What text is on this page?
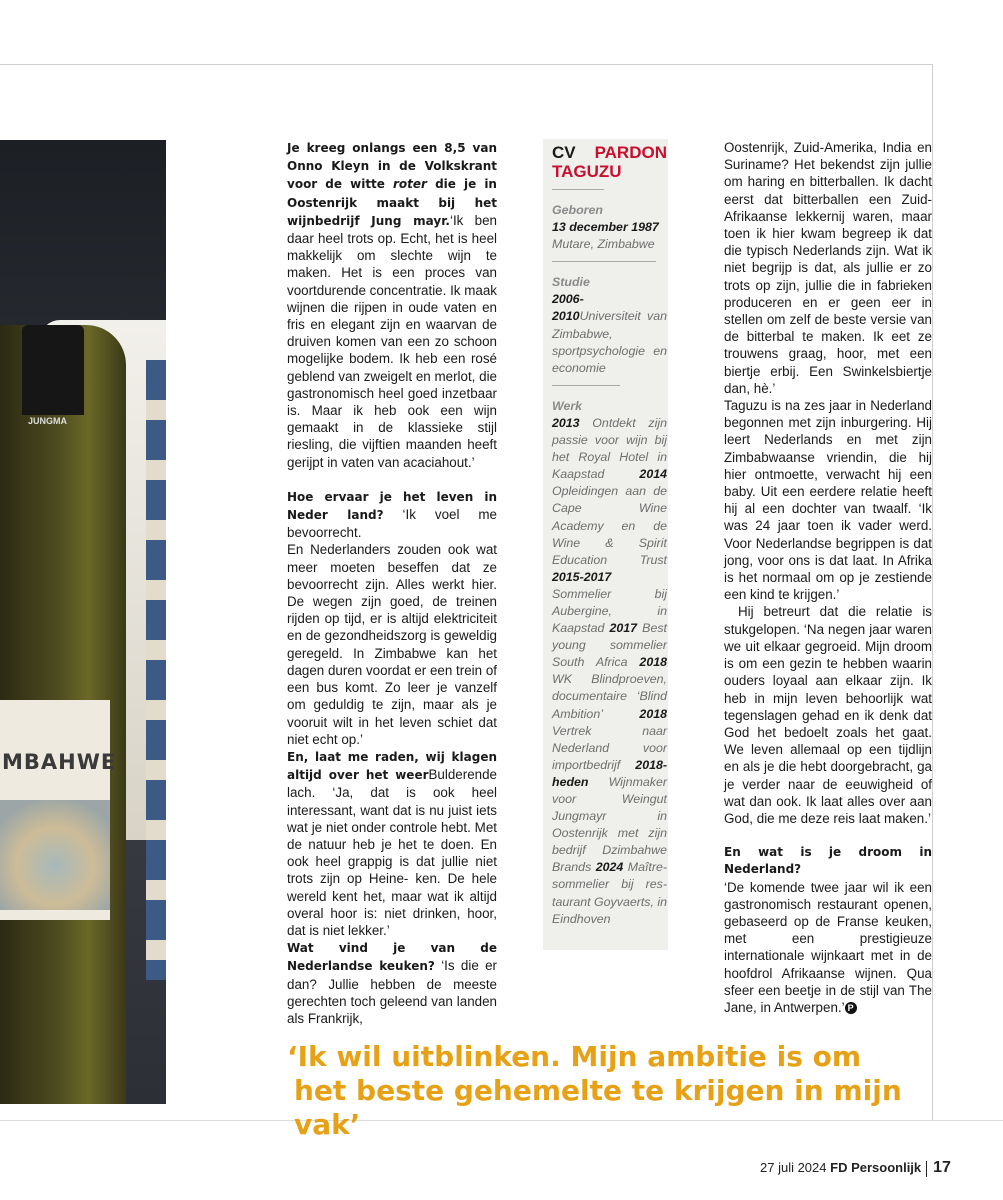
JUNGMA
MBAHWE

Je kreeg onlangs een 8,5 van Onno Kleyn in de Volkskrant voor de witte roter die je in Oostenrijk maakt bij het wijnbedrijf Jung mayr.‘Ik ben daar heel trots op. Echt, het is heel makkelijk om slechte wijn te maken. Het is een proces van voortdurende concentratie. Ik maak wijnen die rijpen in oude vaten en fris en elegant zijn en waarvan de druiven komen van een zo schoon mogelijke bodem. Ik heb een rosé geblend van zweigelt en merlot, die gastronomisch heel goed inzetbaar is. Maar ik heb ook een wijn gemaakt in de klassieke stijl riesling, die vijftien maanden heeft gerijpt in vaten van acaciahout.’

Hoe ervaar je het leven in Neder land? ‘Ik voel me bevoorrecht.

En Nederlanders zouden ook wat meer moeten beseffen dat ze bevoorrecht zijn. Alles werkt hier. De wegen zijn goed, de treinen rijden op tijd, er is altijd elektriciteit en de gezondheidszorg is geweldig geregeld. In Zimbabwe kan het dagen duren voordat er een trein of een bus komt. Zo leer je vanzelf om geduldig te zijn, maar als je vooruit wilt in het leven schiet dat niet echt op.’

En, laat me raden, wij klagen altijd over het weerBulderende lach. ‘Ja, dat is ook heel interessant, want dat is nu juist iets wat je niet onder controle hebt. Met de natuur heb je het te doen. En ook heel grappig is dat jullie niet trots zijn op Heine- ken. De hele wereld kent het, maar wat ik altijd overal hoor is: niet drinken, hoor, dat is niet lekker.’

Wat vind je van de Nederlandse keuken? ‘Is die er dan? Jullie hebben de meeste gerechten toch geleend van landen als Frankrijk,

CV PARDON TAGUZU
Geboren
13 december 1987
Mutare, Zimbabwe
Studie
2006-2010Universiteit van Zimbabwe, sportpsychologie en economie
Werk
2013 Ontdekt zijn passie voor wijn bij het Royal Hotel in Kaapstad 2014 Opleidingen aan de Cape Wine Academy en de Wine & Spirit Education Trust 2015-2017 Sommelier bij Aubergine, in Kaapstad 2017 Best young sommelier South Africa 2018 WK Blindproeven, documentaire ‘Blind Ambition’ 2018 Vertrek naar Nederland voor importbedrijf 2018-heden Wijnmaker voor Weingut Jungmayr in Oostenrijk met zijn bedrijf Dzimbahwe Brands 2024 Maître- sommelier bij res- taurant Goyvaerts, in Eindhoven

Oostenrijk, Zuid-Amerika, India en Suriname? Het bekendst zijn jullie om haring en bitterballen. Ik dacht eerst dat bitterballen een Zuid-Afrikaanse lekkernij waren, maar toen ik hier kwam begreep ik dat die typisch Nederlands zijn. Wat ik niet begrijp is dat, als jullie er zo trots op zijn, jullie die in fabrieken produceren en er geen eer in stellen om zelf de beste versie van de bitterbal te maken. Ik eet ze trouwens graag, hoor, met een biertje erbij. Een Swinkelsbiertje dan, hè.’

Taguzu is na zes jaar in Nederland begonnen met zijn inburgering. Hij leert Nederlands en met zijn Zimbabwaanse vriendin, die hij hier ontmoette, verwacht hij een baby. Uit een eerdere relatie heeft hij al een dochter van twaalf. ‘Ik was 24 jaar toen ik vader werd. Voor Nederlandse begrippen is dat jong, voor ons is dat laat. In Afrika is het normaal om op je zestiende een kind te krijgen.’

Hij betreurt dat die relatie is stukgelopen. ‘Na negen jaar waren we uit elkaar gegroeid. Mijn droom is om een gezin te hebben waarin ouders loyaal aan elkaar zijn. Ik heb in mijn leven behoorlijk wat tegenslagen gehad en ik denk dat God het bedoelt zoals het gaat. We leven allemaal op een tijdlijn en als je die hebt doorgebracht, ga je verder naar de eeuwigheid of wat dan ook. Ik laat alles over aan God, die me deze reis laat maken.’

En wat is je droom in Nederland?

‘De komende twee jaar wil ik een gastronomisch restaurant openen, gebaseerd op de Franse keuken, met een prestigieuze internationale wijnkaart met in de hoofdrol Afrikaanse wijnen. Qua sfeer een beetje in de stijl van The Jane, in Antwerpen.’ P

‘Ik wil uitblinken. Mijn ambitie is om
het beste gehemelte te krijgen in mijn vak’
27 juli 2024 FD Persoonlijk 17
